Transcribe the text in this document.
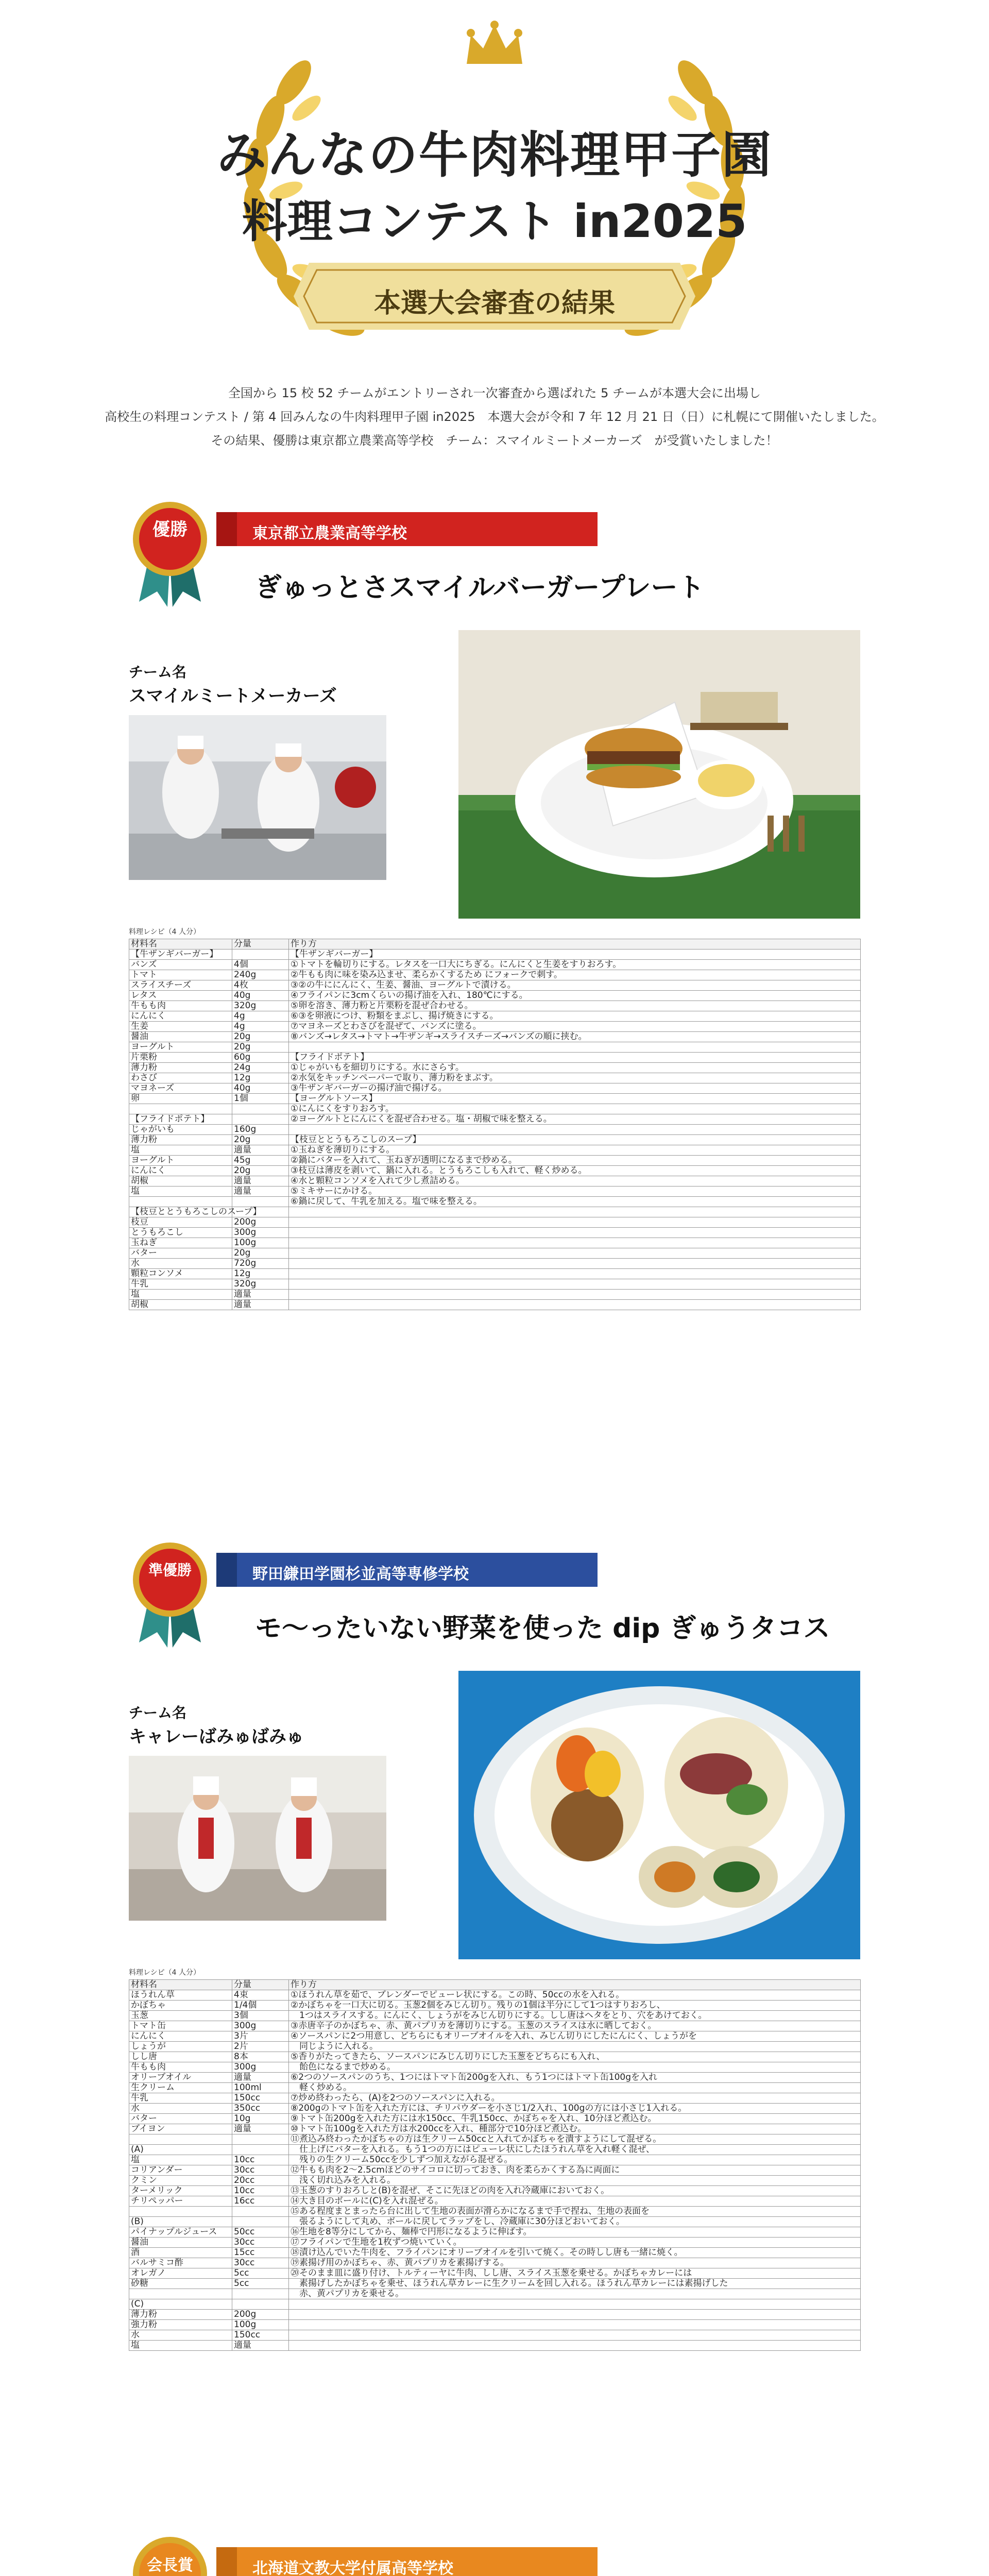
みんなの牛肉料理甲子園
料理コンテスト in2025
本選大会審査の結果

全国から 15 校 52 チームがエントリーされ一次審査から選ばれた 5 チームが本選大会に出場し

高校生の料理コンテスト / 第 4 回みんなの牛肉料理甲子園 in2025　本選大会が令和 7 年 12 月 21 日（日）に札幌にて開催いたしました。

その結果、優勝は東京都立農業高等学校　チーム：スマイルミートメーカーズ　が受賞いたしました！

優勝	東京都立農業高等学校
ぎゅっとさスマイルバーガープレート
チーム名
スマイルミートメーカーズ
料理レシピ（4 人分）
材料名	分量	作り方
【牛ザンギバーガー】		【牛ザンギバーガー】
バンズ	4個	①トマトを輪切りにする。レタスを一口大にちぎる。にんにくと生姜をすりおろす。
トマト	240g	②牛もも肉に味を染み込ませ、柔らかくするため にフォークで刺す。
スライスチーズ	4枚	③②の牛ににんにく、生姜、醤油、ヨーグルトで漬ける。
レタス	40g	④フライパンに3cmくらいの揚げ油を入れ、180℃にする。
牛もも肉	320g	⑤卵を溶き、薄力粉と片栗粉を混ぜ合わせる。
にんにく	4g	⑥③を卵液につけ、粉類をまぶし、揚げ焼きにする。
生姜	4g	⑦マヨネーズとわさびを混ぜて、バンズに塗る。
醤油	20g	⑧バンズ→レタス→トマト→牛ザンギ→スライスチーズ→バンズの順に挟む。
ヨーグルト	20g	
片栗粉	60g	【フライドポテト】
薄力粉	24g	①じゃがいもを細切りにする。水にさらす。
わさび	12g	②水気をキッチンペーパーで取り、薄力粉をまぶす。
マヨネーズ	40g	③牛ザンギバーガーの揚げ油で揚げる。
卵	1個	【ヨーグルトソース】
		①にんにくをすりおろす。
【フライドポテト】		②ヨーグルトとにんにくを混ぜ合わせる。塩・胡椒で味を整える。
じゃがいも	160g	
薄力粉	20g	【枝豆ととうもろこしのスープ】
塩	適量	①玉ねぎを薄切りにする。
ヨーグルト	45g	②鍋にバターを入れて、玉ねぎが透明になるまで炒める。
にんにく	20g	③枝豆は薄皮を剥いて、鍋に入れる。とうもろこしも入れて、軽く炒める。
胡椒	適量	④水と顆粒コンソメを入れて少し煮詰める。
塩	適量	⑤ミキサーにかける。
		⑥鍋に戻して、牛乳を加える。塩で味を整える。
【枝豆ととうもろこしのスープ】		
枝豆	200g	
とうもろこし	300g	
玉ねぎ	100g	
バター	20g	
水	720g	
顆粒コンソメ	12g	
牛乳	320g	
塩	適量	
胡椒	適量	
準優勝	野田鎌田学園杉並高等専修学校
モ～ったいない野菜を使った dip ぎゅうタコス
チーム名
キャレーばみゅばみゅ
料理レシピ（4 人分）
材料名	分量	作り方
ほうれん草	4束	①ほうれん草を茹で、ブレンダーでピューレ状にする。この時、50ccの水を入れる。
かぼちゃ	1/4個	②かぼちゃを一口大に切る。玉葱2個をみじん切り。残りの1個は半分にして1つはすりおろし、
玉葱	3個	　1つはスライスする。にんにく、しょうがをみじん切りにする。しし唐はヘタをとり、穴をあけておく。
トマト缶	300g	③赤唐辛子のかぼちゃ、赤、黄パプリカを薄切りにする。玉葱のスライスは水に晒しておく。
にんにく	3片	④ソースパンに2つ用意し、どちらにもオリーブオイルを入れ、みじん切りにしたにんにく、しょうがを
しょうが	2片	　同じように入れる。
しし唐	8本	⑤香りがたってきたら、ソースパンにみじん切りにした玉葱をどちらにも入れ、
牛もも肉	300g	　飴色になるまで炒める。
オリーブオイル	適量	⑥2つのソースパンのうち、1つにはトマト缶200gを入れ、もう1つにはトマト缶100gを入れ
生クリーム	100ml	　軽く炒める。
牛乳	150cc	⑦炒め終わったら、(A)を2つのソースパンに入れる。
水	350cc	⑧200gのトマト缶を入れた方には、チリパウダーを小さじ1/2入れ、100gの方には小さじ1入れる。
バター	10g	⑨トマト缶200gを入れた方には水150cc、牛乳150cc、かぼちゃを入れ、10分ほど煮込む。
ブイヨン	適量	⑩トマト缶100gを入れた方は水200ccを入れ、種部分で10分ほど煮込む。
		⑪煮込み終わったかぼちゃの方は生クリーム50ccと入れてかぼちゃを潰すようにして混ぜる。
(A)		　仕上げにバターを入れる。もう1つの方にはピューレ状にしたほうれん草を入れ軽く混ぜ、
塩	10cc	　残りの生クリーム50ccを少しずつ加えながら混ぜる。
コリアンダー	30cc	⑫牛もも肉を2～2.5cmほどのサイコロに切っておき、肉を柔らかくする為に両面に
クミン	20cc	　浅く切れ込みを入れる。
ターメリック	10cc	⑬玉葱のすりおろしと(B)を混ぜ、そこに先ほどの肉を入れ冷蔵庫においておく。
チリペッパー	16cc	⑭大き目のボールに(C)を入れ混ぜる。
		⑮ある程度まとまったら台に出して生地の表面が滑らかになるまで手で捏ね、生地の表面を
(B)		　張るようにして丸め、ボールに戻してラップをし、冷蔵庫に30分ほどおいておく。
パイナップルジュース	50cc	⑯生地を8等分にしてから、麺棒で円形になるように伸ばす。
醤油	30cc	⑰フライパンで生地を1枚ずつ焼いていく。
酒	15cc	⑱漬け込んでいた牛肉を、フライパンにオリーブオイルを引いて焼く。その時しし唐も一緒に焼く。
バルサミコ酢	30cc	⑲素揚げ用のかぼちゃ、赤、黄パプリカを素揚げする。
オレガノ	5cc	⑳そのまま皿に盛り付け、トルティーヤに牛肉、しし唐、スライス玉葱を乗せる。かぼちゃカレーには
砂糖	5cc	　素揚げしたかぼちゃを乗せ、ほうれん草カレーに生クリームを回し入れる。ほうれん草カレーには素揚げした
		　赤、黄パプリカを乗せる。
(C)		
薄力粉	200g	
強力粉	100g	
水	150cc	
塩	適量	
会長賞	北海道文教大学付属高等学校
